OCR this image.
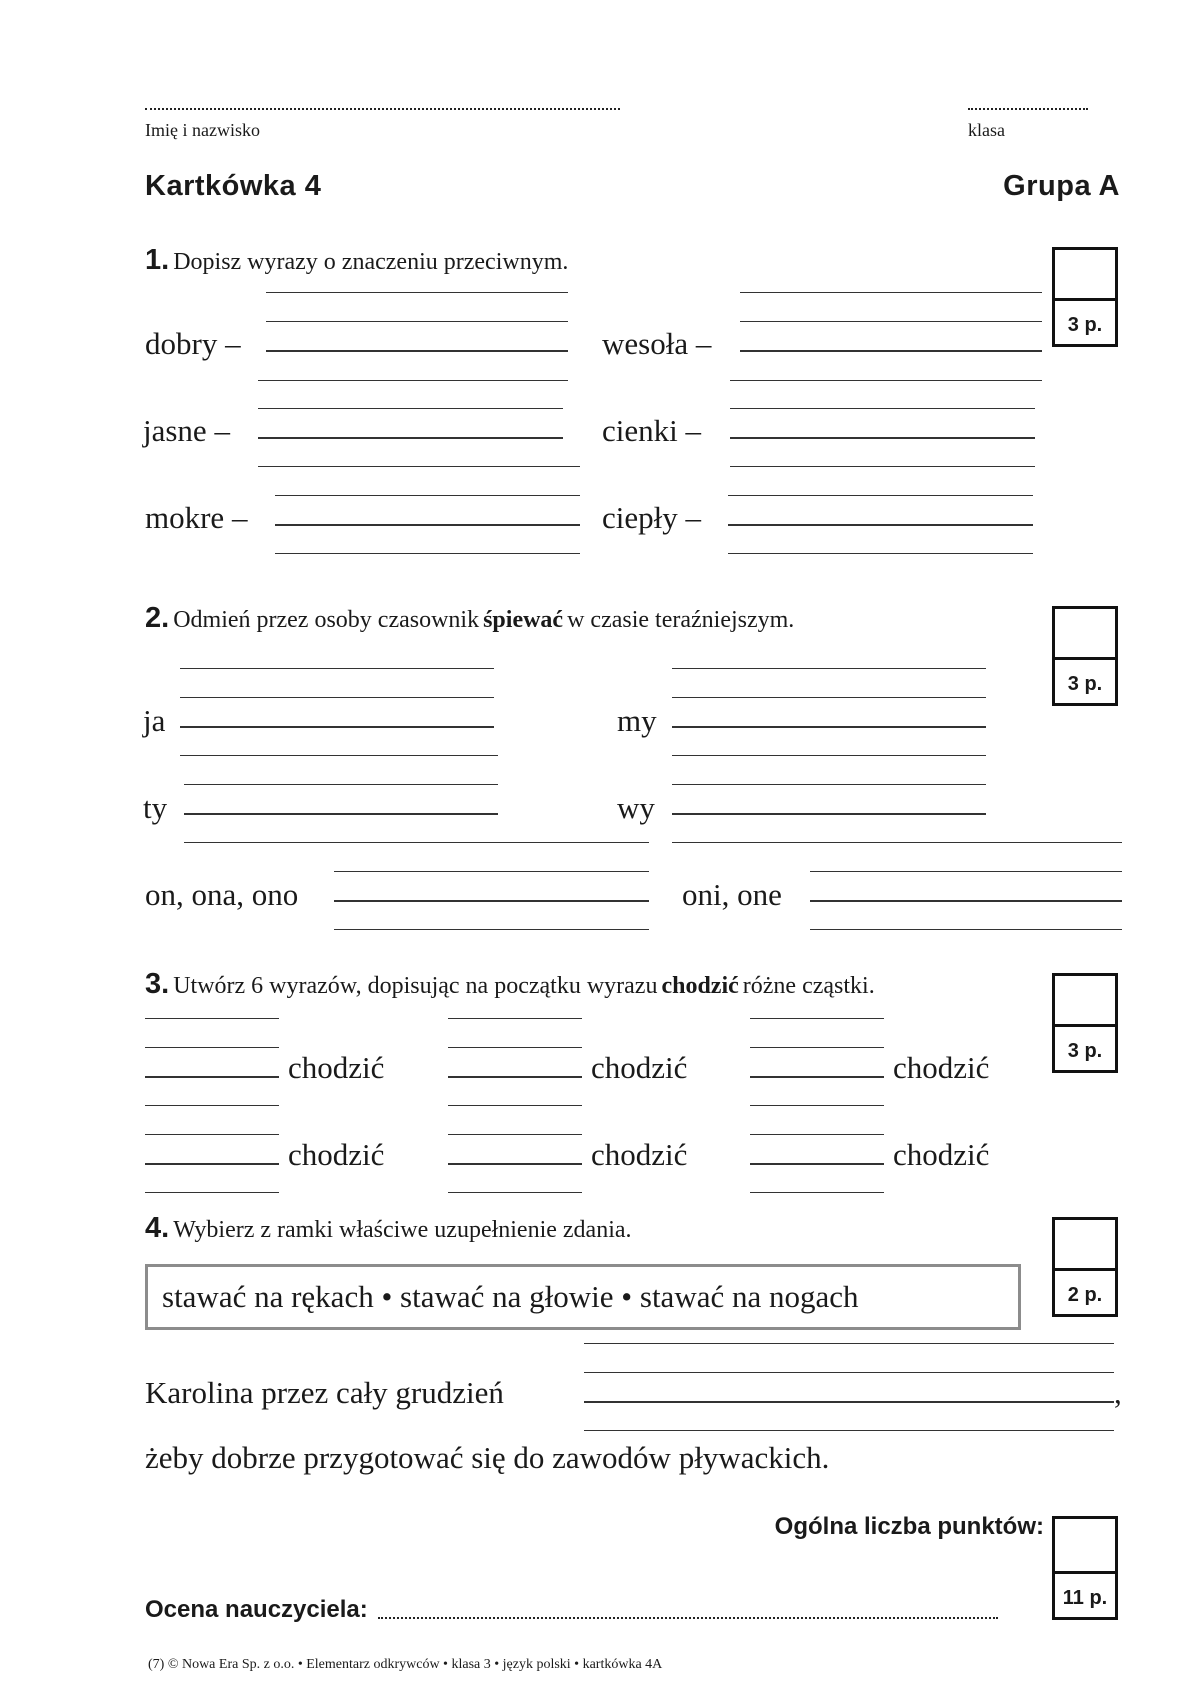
Imię i nazwisko	klasa
Kartkówka 4	Grupa A
1. Dopisz wyrazy o znaczeniu przeciwnym.
3 p.
dobry –	wesoła –
jasne –	cienki –
mokre –	ciepły –
2. Odmień przez osoby czasownik śpiewać w czasie teraźniejszym.
3 p.
ja	my
ty	wy
on, ona, ono	oni, one
3. Utwórz 6 wyrazów, dopisując na początku wyrazu chodzić różne cząstki.
3 p.
chodzić	chodzić	chodzić
chodzić	chodzić	chodzić
4. Wybierz z ramki właściwe uzupełnienie zdania.
2 p.
stawać na rękach • stawać na głowie • stawać na nogach
Karolina przez cały grudzień	,
żeby dobrze przygotować się do zawodów pływackich.
Ogólna liczba punktów:
11 p.
Ocena nauczyciela:
(7) © Nowa Era Sp. z o.o. • Elementarz odkrywców • klasa 3 • język polski • kartkówka 4A
